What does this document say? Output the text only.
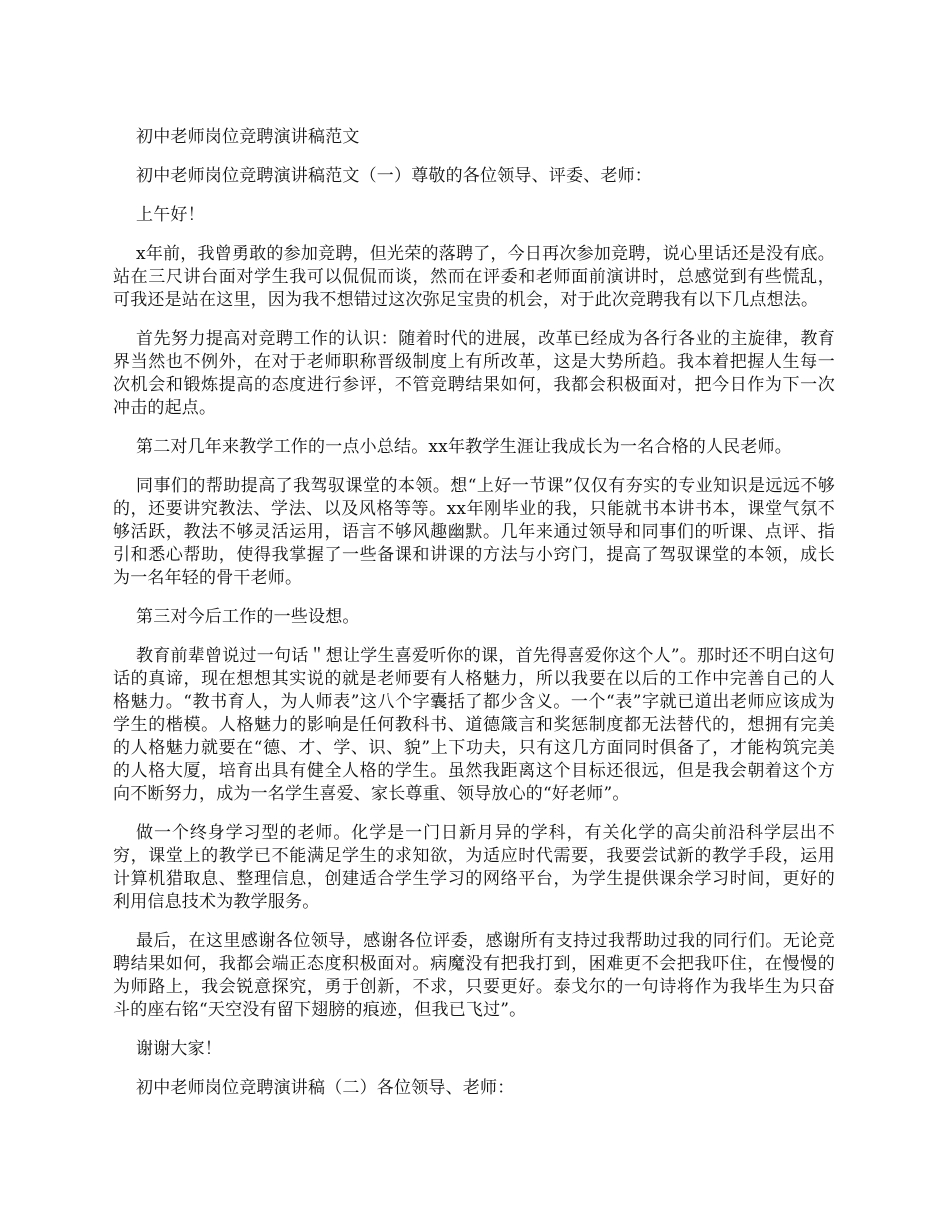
初中老师岗位竞聘演讲稿范文

初中老师岗位竞聘演讲稿范文（一）尊敬的各位领导、评委、老师：

上午好！

x年前，我曾勇敢的参加竞聘，但光荣的落聘了，今日再次参加竞聘，说心里话还是没有底。站在三尺讲台面对学生我可以侃侃而谈，然而在评委和老师面前演讲时，总感觉到有些慌乱，可我还是站在这里，因为我不想错过这次弥足宝贵的机会，对于此次竞聘我有以下几点想法。

首先努力提高对竞聘工作的认识：随着时代的进展，改革已经成为各行各业的主旋律，教育界当然也不例外，在对于老师职称晋级制度上有所改革，这是大势所趋。我本着把握人生每一次机会和锻炼提高的态度进行参评，不管竞聘结果如何，我都会积极面对，把今日作为下一次冲击的起点。

第二对几年来教学工作的一点小总结。xx年教学生涯让我成长为一名合格的人民老师。

同事们的帮助提高了我驾驭课堂的本领。想“上好一节课”仅仅有夯实的专业知识是远远不够的，还要讲究教法、学法、以及风格等等。xx年刚毕业的我，只能就书本讲书本，课堂气氛不够活跃，教法不够灵活运用，语言不够风趣幽默。几年来通过领导和同事们的听课、点评、指引和悉心帮助，使得我掌握了一些备课和讲课的方法与小窍门，提高了驾驭课堂的本领，成长为一名年轻的骨干老师。

第三对今后工作的一些设想。

教育前辈曾说过一句话＂想让学生喜爱听你的课，首先得喜爱你这个人”。那时还不明白这句话的真谛，现在想想其实说的就是老师要有人格魅力，所以我要在以后的工作中完善自己的人格魅力。“教书育人，为人师表”这八个字囊括了都少含义。一个“表”字就已道出老师应该成为学生的楷模。人格魅力的影响是任何教科书、道德箴言和奖惩制度都无法替代的，想拥有完美的人格魅力就要在“德、才、学、识、貌”上下功夫，只有这几方面同时俱备了，才能构筑完美的人格大厦，培育出具有健全人格的学生。虽然我距离这个目标还很远，但是我会朝着这个方向不断努力，成为一名学生喜爱、家长尊重、领导放心的“好老师”。

做一个终身学习型的老师。化学是一门日新月异的学科，有关化学的高尖前沿科学层出不穷，课堂上的教学已不能满足学生的求知欲，为适应时代需要，我要尝试新的教学手段，运用计算机猎取息、整理信息，创建适合学生学习的网络平台，为学生提供课余学习时间，更好的利用信息技术为教学服务。

最后，在这里感谢各位领导，感谢各位评委，感谢所有支持过我帮助过我的同行们。无论竞聘结果如何，我都会端正态度积极面对。病魔没有把我打到，困难更不会把我吓住，在慢慢的为师路上，我会锐意探究，勇于创新，不求，只要更好。泰戈尔的一句诗将作为我毕生为只奋斗的座右铭“天空没有留下翅膀的痕迹，但我已飞过”。

谢谢大家！

初中老师岗位竞聘演讲稿（二）各位领导、老师：
